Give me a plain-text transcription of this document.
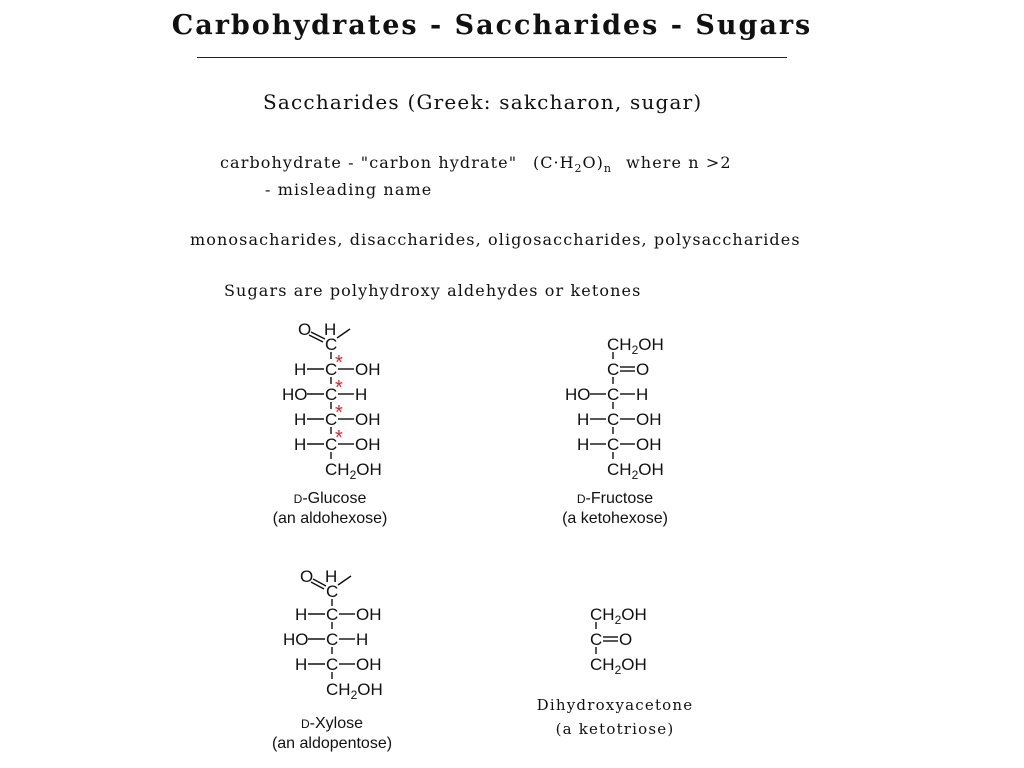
Carbohydrates - Saccharides - Sugars
Saccharides (Greek: sakcharon, sugar)
carbohydrate - "carbon hydrate" $(C\cdot H_2O)_n$ where n >2
- misleading name
monosacharides, disaccharides, oligosaccharides, polysaccharides
Sugars are polyhydroxy aldehydes or ketones
O H
C
H C OH
*
HO C H
*
H C OH
*
H C OH
*
$CH_2OH$
D-Glucose
(an aldohexose)
$CH_2OH$
C O
HO C H
H C OH
H C OH
$CH_2OH$
D-Fructose
(a ketohexose)
O H
C
H C OH
HO C H
H C OH
$CH_2OH$
D-Xylose
(an aldopentose)
$CH_2OH$
C O
$CH_2OH$
Dihydroxyacetone
(a ketotriose)
